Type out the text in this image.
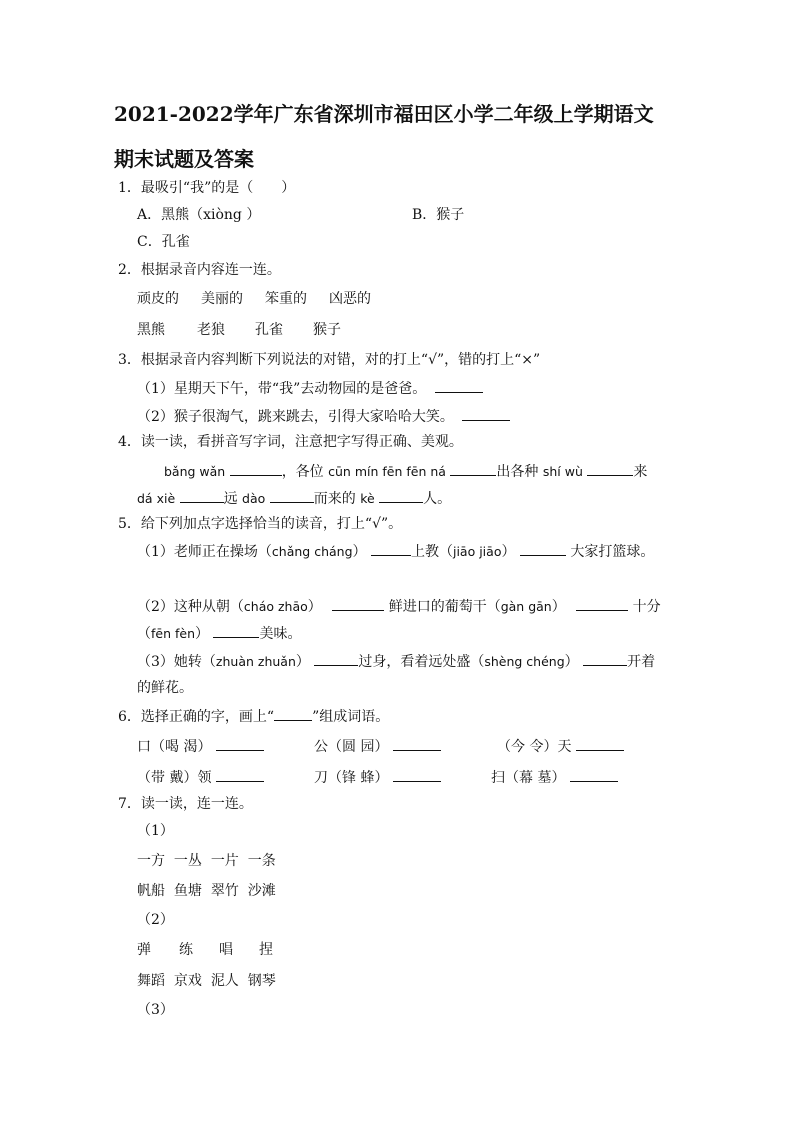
2021-2022学年广东省深圳市福田区小学二年级上学期语文
期末试题及答案
1．最吸引“我”的是（　　）
A．黑熊（xiòng ）	B．猴子
C．孔雀
2．根据录音内容连一连。
顽皮的 美丽的 笨重的 凶恶的
黑熊 老狼 孔雀 猴子
3．根据录音内容判断下列说法的对错，对的打上“√”，错的打上“×”
（1）星期天下午，带“我”去动物园的是爸爸。
（2）猴子很淘气，跳来跳去，引得大家哈哈大笑。
4．读一读，看拼音写字词，注意把字写得正确、美观。
bǎng wǎn	，各位 cūn mín fēn fēn ná	出各种 shí wù	来
dá xiè	远 dào	而来的 kè	人。
5．给下列加点字选择恰当的读音，打上“√”。
（1）老师正在操场（chǎng cháng）	上教（jiāo jiāo）	大家打篮球。
（2）这种从朝（cháo zhāo）	鲜进口的葡萄干（gàn gān）	十分
（fēn fèn）	美味。
（3）她转（zhuàn zhuǎn）	过身，看着远处盛（shèng chéng）	开着
的鲜花。
6．选择正确的字，画上“	”组成词语。
口（喝 渴）	公（圆 园）	（今 令）天
（带 戴）领	刀（锋 蜂）	扫（幕 墓）
7．读一读，连一连。
（1）
一方 一丛 一片 一条
帆船 鱼塘 翠竹 沙滩
（2）
弹 练 唱 捏
舞蹈 京戏 泥人 钢琴
（3）
